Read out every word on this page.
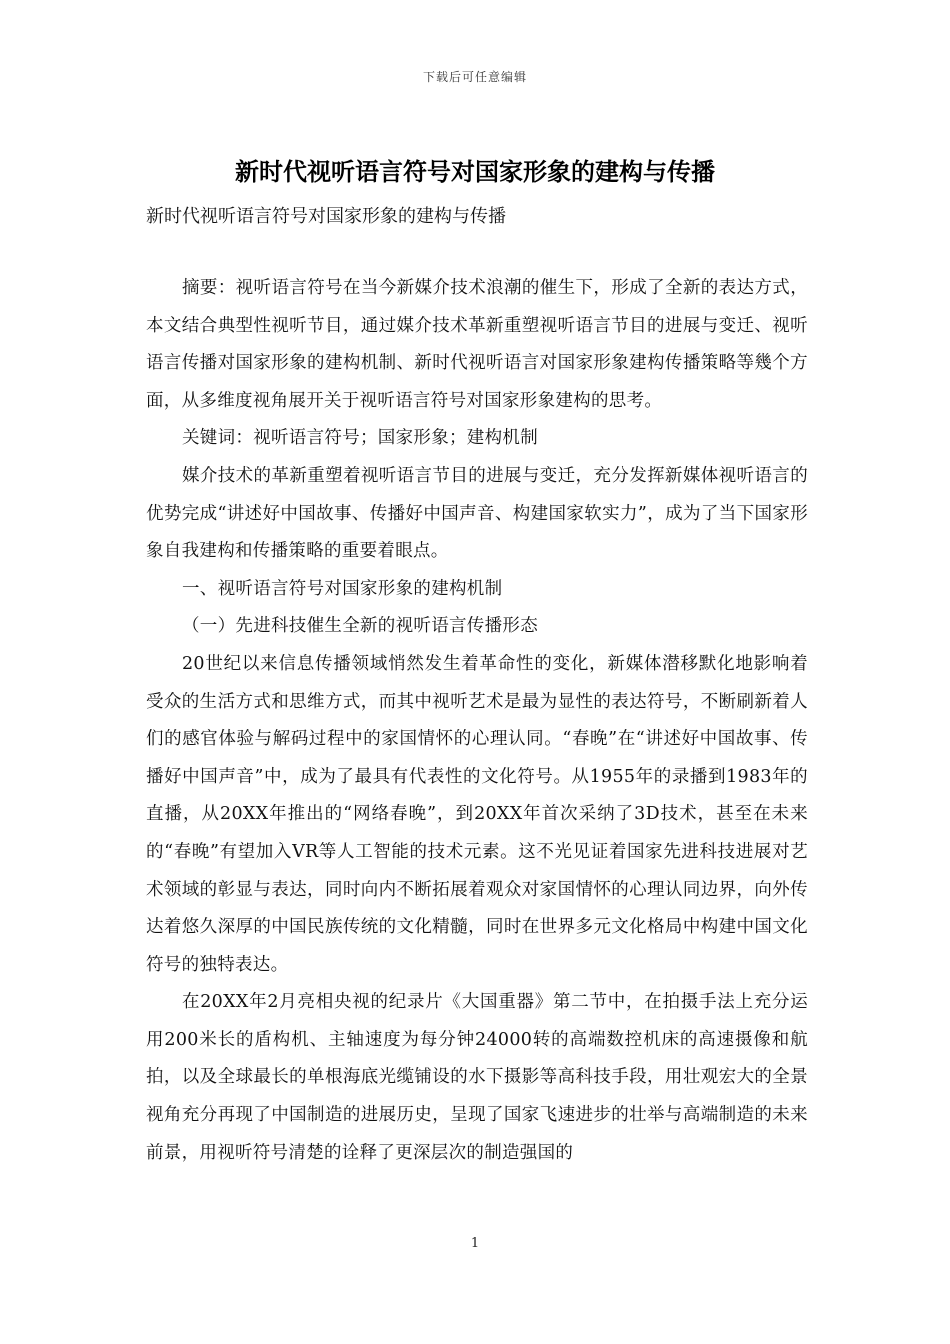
下载后可任意编辑
新时代视听语言符号对国家形象的建构与传播
新时代视听语言符号对国家形象的建构与传播

摘要：视听语言符号在当今新媒介技术浪潮的催生下，形成了全新的表达方式，本文结合典型性视听节目，通过媒介技术革新重塑视听语言节目的进展与变迁、视听语言传播对国家形象的建构机制、新时代视听语言对国家形象建构传播策略等幾个方面，从多维度视角展开关于视听语言符号对国家形象建构的思考。

关键词：视听语言符号；国家形象；建构机制

媒介技术的革新重塑着视听语言节目的进展与变迁，充分发挥新媒体视听语言的优势完成“讲述好中国故事、传播好中国声音、构建国家软实力”，成为了当下国家形象自我建构和传播策略的重要着眼点。

一、视听语言符号对国家形象的建构机制

（一）先进科技催生全新的视听语言传播形态

20世纪以来信息传播领域悄然发生着革命性的变化，新媒体潜移默化地影响着受众的生活方式和思维方式，而其中视听艺术是最为显性的表达符号，不断刷新着人们的感官体验与解码过程中的家国情怀的心理认同。“春晚”在“讲述好中国故事、传播好中国声音”中，成为了最具有代表性的文化符号。从1955年的录播到1983年的直播，从20XX年推出的“网络春晚”，到20XX年首次采纳了3D技术，甚至在未来的“春晚”有望加入VR等人工智能的技术元素。这不光见证着国家先进科技进展对艺术领域的彰显与表达，同时向内不断拓展着观众对家国情怀的心理认同边界，向外传达着悠久深厚的中国民族传统的文化精髓，同时在世界多元文化格局中构建中国文化符号的独特表达。

在20XX年2月亮相央视的纪录片《大国重器》第二节中，在拍摄手法上充分运用200米长的盾构机、主轴速度为每分钟24000转的高端数控机床的高速摄像和航拍，以及全球最长的单根海底光缆铺设的水下摄影等高科技手段，用壮观宏大的全景视角充分再现了中国制造的进展历史，呈现了国家飞速进步的壮举与高端制造的未来前景，用视听符号清楚的诠释了更深层次的制造强国的

1
